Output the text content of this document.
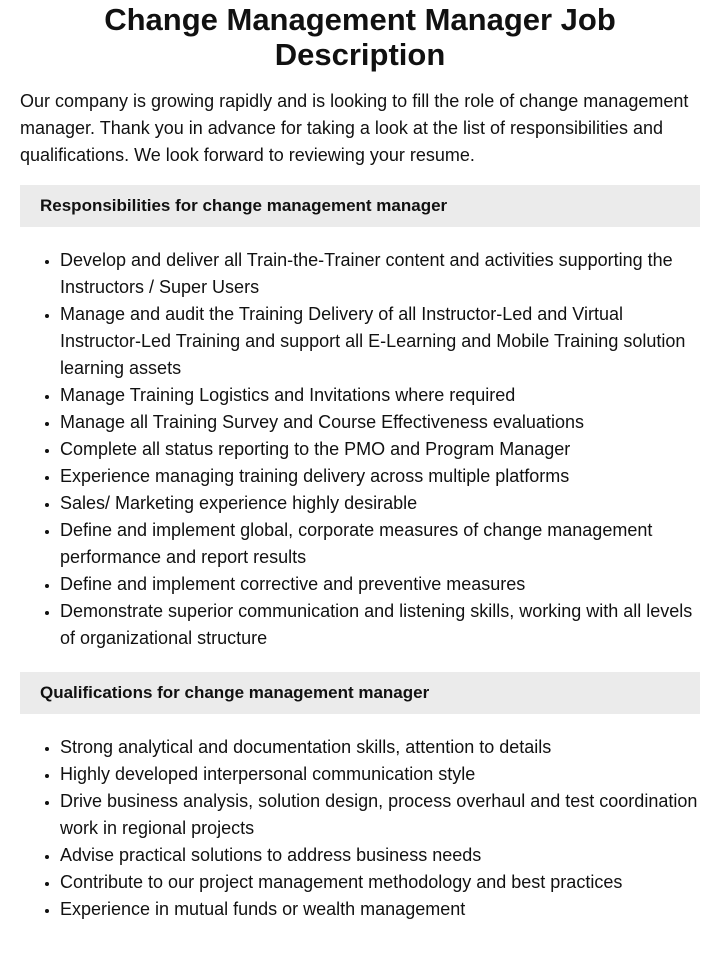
Change Management Manager Job Description

Our company is growing rapidly and is looking to fill the role of change management manager. Thank you in advance for taking a look at the list of responsibilities and qualifications. We look forward to reviewing your resume.

Responsibilities for change management manager
• Develop and deliver all Train-the-Trainer content and activities supporting the Instructors / Super Users
• Manage and audit the Training Delivery of all Instructor-Led and Virtual Instructor-Led Training and support all E-Learning and Mobile Training solution learning assets
• Manage Training Logistics and Invitations where required
• Manage all Training Survey and Course Effectiveness evaluations
• Complete all status reporting to the PMO and Program Manager
• Experience managing training delivery across multiple platforms
• Sales/ Marketing experience highly desirable
• Define and implement global, corporate measures of change management performance and report results
• Define and implement corrective and preventive measures
• Demonstrate superior communication and listening skills, working with all levels of organizational structure
Qualifications for change management manager
• Strong analytical and documentation skills, attention to details
• Highly developed interpersonal communication style
• Drive business analysis, solution design, process overhaul and test coordination work in regional projects
• Advise practical solutions to address business needs
• Contribute to our project management methodology and best practices
• Experience in mutual funds or wealth management
